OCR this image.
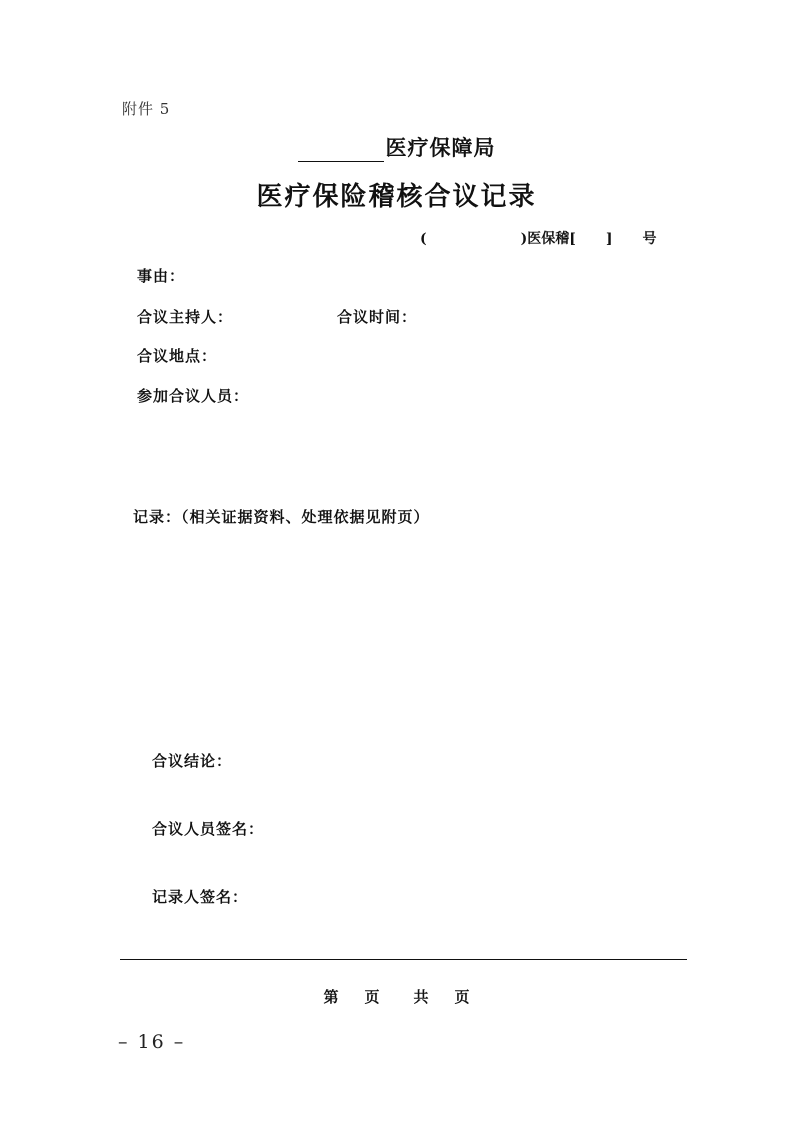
附件 5
医疗保障局
医疗保险稽核合议记录
(	)医保稽[ ] 号
事由：
合议主持人：	合议时间：
合议地点：
参加合议人员：
记录：（相关证据资料、处理依据见附页）
合议结论：
合议人员签名：
记录人签名：
第 页 共 页
– 16 –
